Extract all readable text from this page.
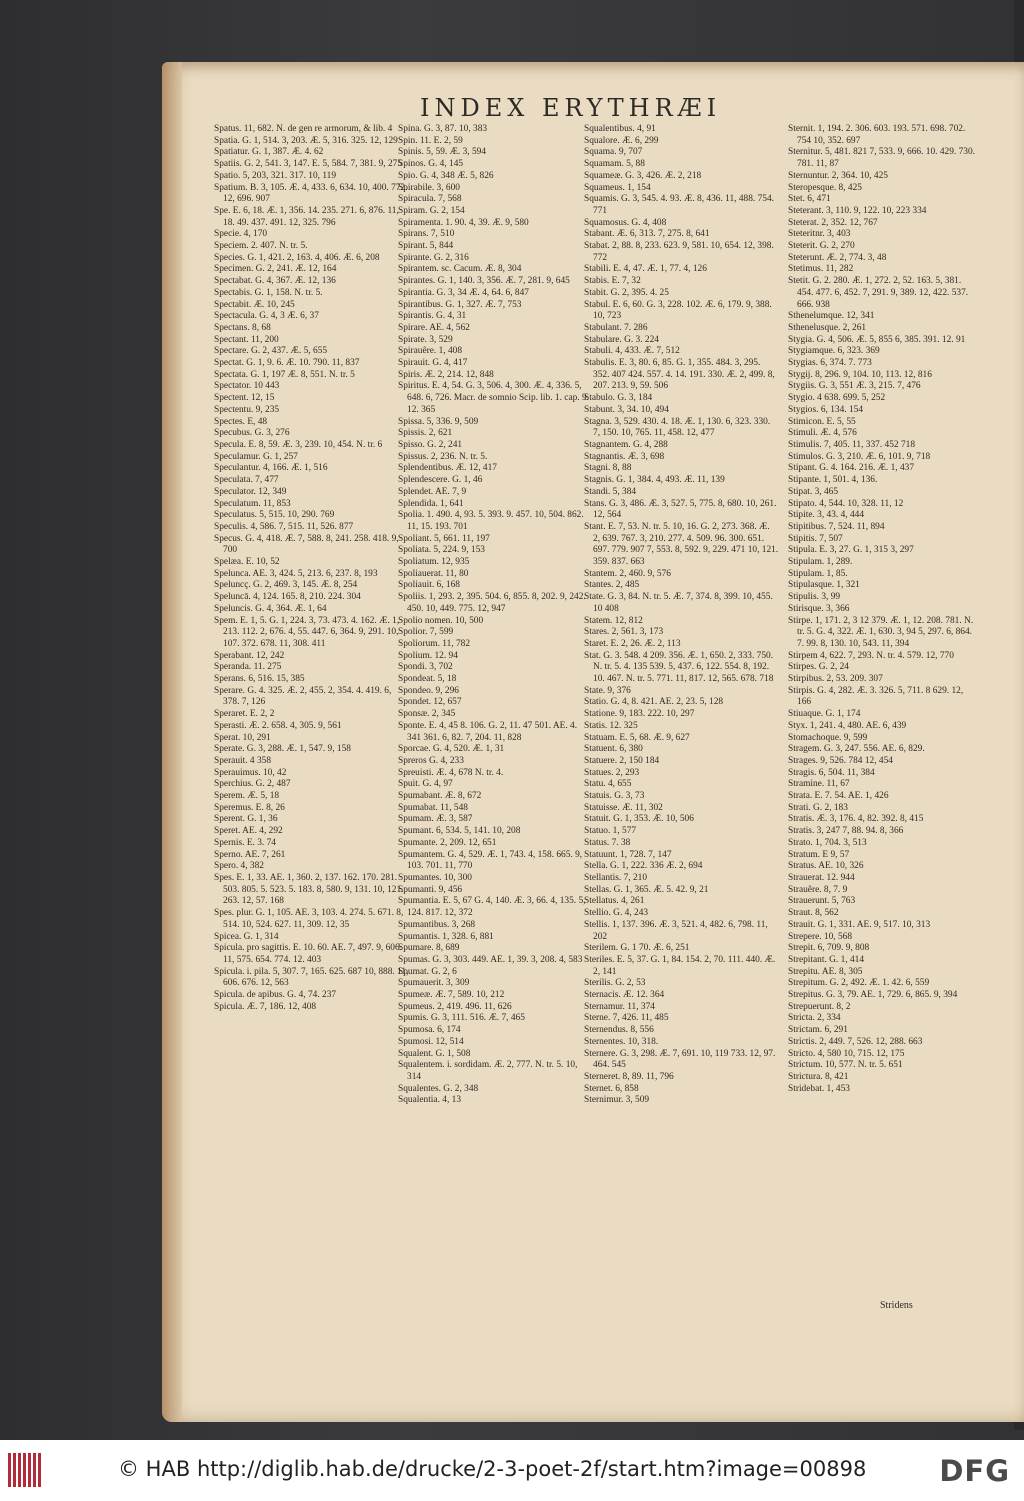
INDEX ERYTHRÆI
Spatus. 11, 682. N. de gen re armorum, & lib. 4
Spatia. G. 1, 514. 3, 203. Æ. 5, 316. 325. 12, 129
Spatiatur. G. 1, 387. Æ. 4. 62
Spatiis. G. 2, 541. 3, 147. E. 5, 584. 7, 381. 9, 275
Spatio. 5, 203, 321. 317. 10, 119
Spatium. B. 3, 105. Æ. 4, 433. 6, 634. 10, 400. 772. 12, 696. 907
Spe. E. 6, 18. Æ. 1, 356. 14. 235. 271. 6, 876. 11, 18. 49. 437. 491. 12, 325. 796
Specie. 4, 170
Speciem. 2. 407. N. tr. 5.
Species. G. 1, 421. 2, 163. 4, 406. Æ. 6, 208
Specimen. G. 2, 241. Æ. 12, 164
Spectabat. G. 4, 367. Æ. 12, 136
Spectabis. G. 1, 158. N. tr. 5.
Spectabit. Æ. 10, 245
Spectacula. G. 4, 3 Æ. 6, 37
Spectans. 8, 68
Spectant. 11, 200
Spectare. G. 2, 437. Æ. 5, 655
Spectat. G. 1, 9. 6. Æ. 10. 790. 11, 837
Spectata. G. 1, 197 Æ. 8, 551. N. tr. 5
Spectator. 10 443
Spectent. 12, 15
Spectentu. 9, 235
Spectes. E, 48
Specubus. G. 3, 276
Specula. E. 8, 59. Æ. 3, 239. 10, 454. N. tr. 6
Speculamur. G. 1, 257
Speculantur. 4, 166. Æ. 1, 516
Speculata. 7, 477
Speculator. 12, 349
Speculatum. 11, 853
Speculatus. 5, 515. 10, 290. 769
Speculis. 4, 586. 7, 515. 11, 526. 877
Specus. G. 4, 418. Æ. 7, 588. 8, 241. 258. 418. 9, 700
Spelæa. E. 10, 52
Spelunca. AE. 3, 424. 5, 213. 6, 237. 8, 193
Speluncç. G. 2, 469. 3, 145. Æ. 8, 254
Speluncā. 4, 124. 165. 8, 210. 224. 304
Speluncis. G. 4, 364. Æ. 1, 64
Spem. E. 1, 5. G. 1, 224. 3, 73. 473. 4. 162. Æ. 1, 213. 112. 2, 676. 4, 55. 447. 6, 364. 9, 291. 10, 107. 372. 678. 11, 308. 411
Sperabant. 12, 242
Speranda. 11. 275
Sperans. 6, 516. 15, 385
Sperare. G. 4. 325. Æ. 2, 455. 2, 354. 4. 419. 6, 378. 7, 126
Speraret. E. 2, 2
Sperasti. Æ. 2. 658. 4, 305. 9, 561
Sperat. 10, 291
Sperate. G. 3, 288. Æ. 1, 547. 9, 158
Sperauit. 4 358
Sperauimus. 10, 42
Sperchius. G. 2, 487
Sperem. Æ. 5, 18
Speremus. E. 8, 26
Sperent. G. 1, 36
Speret. AE. 4, 292
Spernis. E. 3. 74
Sperno. AE. 7, 261
Spero. 4, 382
Spes. E. 1, 33. AE. 1, 360. 2, 137. 162. 170. 281. 503. 805. 5. 523. 5. 183. 8, 580. 9, 131. 10, 121. 263. 12, 57. 168
Spes. plur. G. 1, 105. AE. 3, 103. 4. 274. 5. 671. 8, 514. 10, 524. 627. 11, 309. 12, 35
Spicea. G. 1, 314
Spicula. pro sagittis. E. 10. 60. AE. 7, 497. 9, 606. 11, 575. 654. 774. 12. 403
Spicula. i. pila. 5, 307. 7, 165. 625. 687 10, 888. 11, 606. 676. 12, 563
Spicula. de apibus. G. 4, 74. 237
Spicula. Æ. 7, 186. 12, 408
Spina. G. 3, 87. 10, 383
Spin. 11. E. 2, 59
Spinis. 5, 59. Æ. 3, 594
Spinos. G. 4, 145
Spio. G. 4, 348 Æ. 5, 826
Spirabile. 3, 600
Spiracula. 7, 568
Spiram. G. 2, 154
Spiramenta. 1. 90. 4, 39. Æ. 9, 580
Spirans. 7, 510
Spirant. 5, 844
Spirante. G. 2, 316
Spirantem. sc. Cacum. Æ. 8, 304
Spirantes. G. 1, 140. 3, 356. Æ. 7, 281. 9, 645
Spirantia. G. 3, 34 Æ. 4, 64. 6, 847
Spirantibus. G. 1, 327. Æ. 7, 753
Spirantis. G. 4, 31
Spirare. AE. 4, 562
Spirate. 3, 529
Spirauêre. 1, 408
Spirauit. G. 4, 417
Spiris. Æ. 2, 214. 12, 848
Spiritus. E. 4, 54. G. 3, 506. 4, 300. Æ. 4, 336. 5, 648. 6, 726. Macr. de somnio Scip. lib. 1. cap. 9. 12. 365
Spissa. 5, 336. 9, 509
Spissis. 2, 621
Spisso. G. 2, 241
Spissus. 2, 236. N. tr. 5.
Splendentibus. Æ. 12, 417
Splendescere. G. 1, 46
Splendet. AE. 7, 9
Splendida. 1, 641
Spolia. 1. 490. 4, 93. 5. 393. 9. 457. 10, 504. 862. 11, 15. 193. 701
Spoliant. 5, 661. 11, 197
Spoliata. 5, 224. 9, 153
Spoliatum. 12, 935
Spoliauerat. 11, 80
Spoliauit. 6, 168
Spoliis. 1, 293. 2, 395. 504. 6, 855. 8, 202. 9, 242. 450. 10, 449. 775. 12, 947
Spolio nomen. 10, 500
Spolior. 7, 599
Spoliorum. 11, 782
Spolium. 12. 94
Spondi. 3, 702
Spondeat. 5, 18
Spondeo. 9, 296
Spondet. 12, 657
Sponsæ. 2, 345
Sponte. E. 4, 45 8. 106. G. 2, 11. 47 501. AE. 4. 341 361. 6, 82. 7, 204. 11, 828
Sporcae. G. 4, 520. Æ. 1, 31
Spreros G. 4, 233
Spreuisti. Æ. 4, 678 N. tr. 4.
Spuit. G. 4, 97
Spumabant. Æ. 8, 672
Spumabat. 11, 548
Spumam. Æ. 3, 587
Spumant. 6, 534. 5, 141. 10, 208
Spumante. 2, 209. 12, 651
Spumantem. G. 4, 529. Æ. 1, 743. 4, 158. 665. 9, 103. 701. 11, 770
Spumantes. 10, 300
Spumanti. 9, 456
Spumantia. E. 5, 67 G. 4, 140. Æ. 3, 66. 4, 135. 5, 124. 817. 12, 372
Spumantibus. 3, 268
Spumantis. 1, 328. 6, 881
Spumare. 8, 689
Spumas. G. 3, 303. 449. AE. 1, 39. 3, 208. 4, 583
Spumat. G. 2, 6
Spumauerit. 3, 309
Spumeæ. Æ. 7, 589. 10, 212
Spumeus. 2, 419. 496. 11, 626
Spumis. G. 3, 111. 516. Æ. 7, 465
Spumosa. 6, 174
Spumosi. 12, 514
Squalent. G. 1, 508
Squalentem. i. sordidam. Æ. 2, 777. N. tr. 5. 10, 314
Squalentes. G. 2, 348
Squalentia. 4, 13
Squalentibus. 4, 91
Squalore. Æ. 6, 299
Squama. 9, 707
Squamam. 5, 88
Squameæ. G. 3, 426. Æ. 2, 218
Squameus. 1, 154
Squamis. G. 3, 545. 4. 93. Æ. 8, 436. 11, 488. 754. 771
Squamosus. G. 4, 408
Stabant. Æ. 6, 313. 7, 275. 8, 641
Stabat. 2, 88. 8, 233. 623. 9, 581. 10, 654. 12, 398. 772
Stabili. E. 4, 47. Æ. 1, 77. 4, 126
Stabis. E. 7, 32
Stabit. G. 2, 395. 4. 25
Stabul. E. 6, 60. G. 3, 228. 102. Æ. 6, 179. 9, 388. 10, 723
Stabulant. 7. 286
Stabulare. G. 3. 224
Stabuli. 4, 433. Æ. 7, 512
Stabulis. E. 3, 80. 6, 85. G. 1, 355. 484. 3, 295. 352. 407 424. 557. 4. 14. 191. 330. Æ. 2, 499. 8, 207. 213. 9, 59. 506
Stabulo. G. 3, 184
Stabunt. 3, 34. 10, 494
Stagna. 3, 529. 430. 4. 18. Æ. 1, 130. 6, 323. 330. 7, 150. 10, 765. 11, 458. 12, 477
Stagnantem. G. 4, 288
Stagnantis. Æ. 3, 698
Stagni. 8, 88
Stagnis. G. 1, 384. 4, 493. Æ. 11, 139
Standi. 5, 384
Stans. G. 3, 486. Æ. 3, 527. 5, 775. 8, 680. 10, 261. 12, 564
Stant. E. 7, 53. N. tr. 5. 10, 16. G. 2, 273. 368. Æ. 2, 639. 767. 3, 210. 277. 4. 509. 96. 300. 651. 697. 779. 907 7, 553. 8, 592. 9, 229. 471 10, 121. 359. 837. 663
Stantem. 2, 460. 9, 576
Stantes. 2, 485
State. G. 3, 84. N. tr. 5. Æ. 7, 374. 8, 399. 10, 455. 10 408
Statem. 12, 812
Stares. 2, 561. 3, 173
Staret. E. 2, 26. Æ. 2, 113
Stat. G. 3. 548. 4 209. 356. Æ. 1, 650. 2, 333. 750. N. tr. 5. 4. 135 539. 5, 437. 6, 122. 554. 8, 192. 10. 467. N. tr. 5. 771. 11, 817. 12, 565. 678. 718
State. 9, 376
Statio. G. 4, 8. 421. AE. 2, 23. 5, 128
Statione. 9, 183. 222. 10, 297
Statis. 12. 325
Statuam. E. 5, 68. Æ. 9, 627
Statuent. 6, 380
Statuere. 2, 150 184
Statues. 2, 293
Statu. 4, 655
Statuis. G. 3, 73
Statuisse. Æ. 11, 302
Statuit. G. 1, 353. Æ. 10, 506
Statuo. 1, 577
Status. 7. 38
Statuunt. 1, 728. 7, 147
Stella. G. 1, 222. 336 Æ. 2, 694
Stellantis. 7, 210
Stellas. G. 1, 365. Æ. 5. 42. 9, 21
Stellatus. 4, 261
Stellio. G. 4, 243
Stellis. 1, 137. 396. Æ. 3, 521. 4, 482. 6, 798. 11, 202
Sterilem. G. 1 70. Æ. 6, 251
Steriles. E. 5, 37. G. 1, 84. 154. 2, 70. 111. 440. Æ. 2, 141
Sterilis. G. 2, 53
Sternacis. Æ. 12. 364
Sternamur. 11, 374
Sterne. 7, 426. 11, 485
Sternendus. 8, 556
Sternentes. 10, 318.
Sternere. G. 3, 298. Æ. 7, 691. 10, 119 733. 12, 97. 464. 545
Sterneret. 8, 89. 11, 796
Sternet. 6, 858
Sternimur. 3, 509
Sternit. 1, 194. 2. 306. 603. 193. 571. 698. 702. 754 10, 352. 697
Sternitur. 5, 481. 821 7, 533. 9, 666. 10. 429. 730. 781. 11, 87
Sternuntur. 2, 364. 10, 425
Steropesque. 8, 425
Stet. 6, 471
Steterant. 3, 110. 9, 122. 10, 223 334
Steterat. 2, 352. 12, 767
Steteritnr. 3, 403
Steterit. G. 2, 270
Steterunt. Æ. 2, 774. 3, 48
Stetimus. 11, 282
Stetit. G. 2. 280. Æ. 1, 272. 2, 52. 163. 5, 381. 454. 477. 6, 452. 7, 291. 9, 389. 12, 422. 537. 666. 938
Sthenelumque. 12, 341
Sthenelusque. 2, 261
Stygia. G. 4, 506. Æ. 5, 855 6, 385. 391. 12. 91
Stygiamque. 6, 323. 369
Stygias. 6, 374. 7. 773
Stygij. 8, 296. 9, 104. 10, 113. 12, 816
Stygiis. G. 3, 551 Æ. 3, 215. 7, 476
Stygio. 4 638. 699. 5, 252
Stygios. 6, 134. 154
Stimicon. E. 5, 55
Stimuli. Æ. 4, 576
Stimulis. 7, 405. 11, 337. 452 718
Stimulos. G. 3, 210. Æ. 6, 101. 9, 718
Stipant. G. 4. 164. 216. Æ. 1, 437
Stipante. 1, 501. 4, 136.
Stipat. 3, 465
Stipato. 4, 544. 10, 328. 11, 12
Stipite. 3, 43. 4, 444
Stipitibus. 7, 524. 11, 894
Stipitis. 7, 507
Stipula. E. 3, 27. G. 1, 315 3, 297
Stipulam. 1, 289.
Stipulam. 1, 85.
Stipulasque. 1, 321
Stipulis. 3, 99
Stirisque. 3, 366
Stirpe. 1, 171. 2, 3 12 379. Æ. 1, 12. 208. 781. N. tr. 5. G. 4, 322. Æ. 1, 630. 3, 94 5, 297. 6, 864. 7. 99. 8, 130. 10, 543. 11, 394
Stirpem 4, 622. 7, 293. N. tr. 4. 579. 12, 770
Stirpes. G. 2, 24
Stirpibus. 2, 53. 209. 307
Stirpis. G. 4, 282. Æ. 3. 326. 5, 711. 8 629. 12, 166
Stiuaque. G. 1, 174
Styx. 1, 241. 4, 480. AE. 6, 439
Stomachoque. 9, 599
Stragem. G. 3, 247. 556. AE. 6, 829.
Strages. 9, 526. 784 12, 454
Stragis. 6, 504. 11, 384
Stramine. 11, 67
Strata. E. 7. 54. AE. 1, 426
Strati. G. 2, 183
Stratis. Æ. 3, 176. 4, 82. 392. 8, 415
Stratis. 3, 247 7, 88. 94. 8, 366
Strato. 1, 704. 3, 513
Stratum. E 9, 57
Stratus. AE. 10, 326
Strauerat. 12. 944
Strauêre. 8, 7. 9
Strauerunt. 5, 763
Straut. 8, 562
Strauit. G. 1, 331. AE. 9, 517. 10, 313
Strepere. 10, 568
Strepit. 6, 709. 9, 808
Strepitant. G. 1, 414
Strepitu. AE. 8, 305
Strepitum. G. 2, 492. Æ. 1. 42. 6, 559
Strepitus. G. 3, 79. AE. 1, 729. 6, 865. 9, 394
Strepuerunt. 8, 2
Stricta. 2, 334
Strictam. 6, 291
Strictis. 2, 449. 7, 526. 12, 288. 663
Stricto. 4, 580 10, 715. 12, 175
Strictum. 10, 577. N. tr. 5. 651
Strictura. 8, 421
Stridebat. 1, 453
Stridens
© HAB http://diglib.hab.de/drucke/2-3-poet-2f/start.htm?image=00898	DFG
